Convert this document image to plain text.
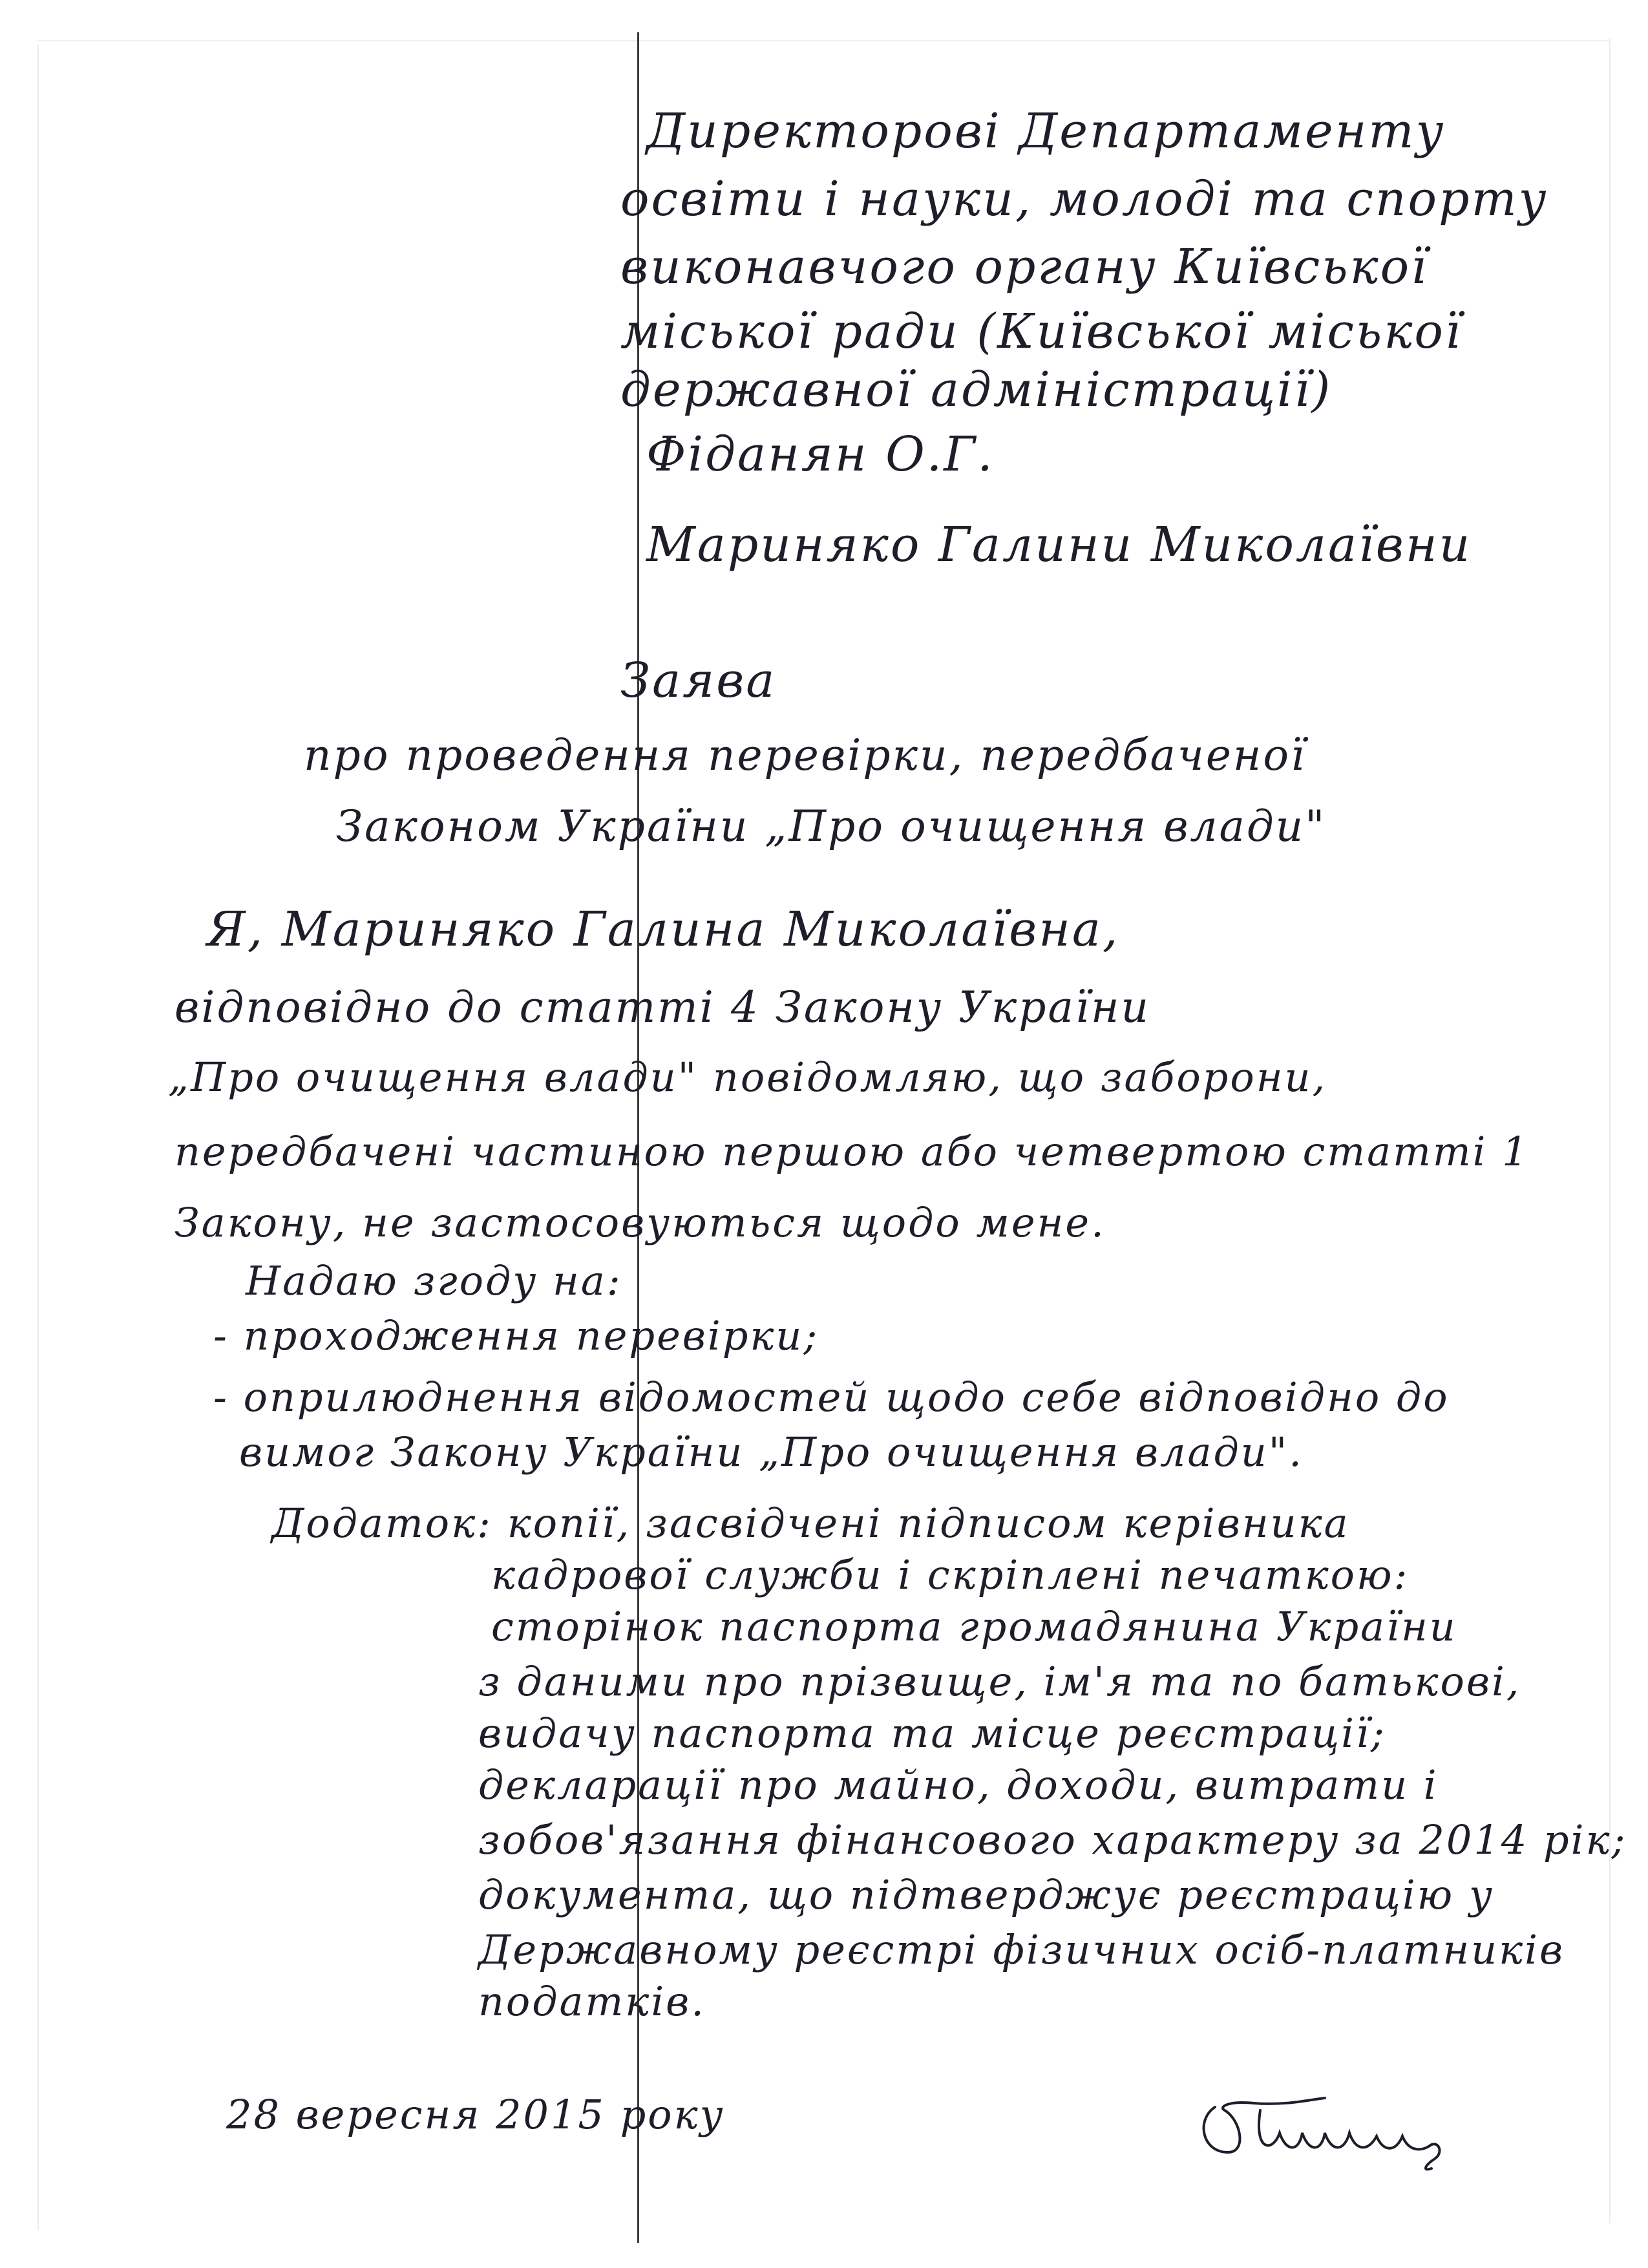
Директорові Департаменту
освіти і науки, молоді та спорту
виконавчого органу Київської
міської ради (Київської міської
державної адміністрації)
Фіданян О.Г.
Маринякo Галини Миколаївни
Заява
про проведення перевірки, передбаченої
Законом України „Про очищення влади"
Я, Маринякo Галина Миколаївна,
відповідно до статті 4 Закону України
„Про очищення влади" повідомляю, що заборони,
передбачені частиною першою або четвертою статті 1
Закону, не застосовуються щодо мене.
Надаю згоду на:
- проходження перевірки;
- оприлюднення відомостей щодо себе відповідно до
вимог Закону України „Про очищення влади".
Додаток: копії, засвідчені підписом керівника
кадрової служби і скріплені печаткою:
сторінок паспорта громадянина України
з даними про прізвище, ім'я та по батькові,
видачу паспорта та місце реєстрації;
декларації про майно, доходи, витрати і
зобов'язання фінансового характеру за 2014 рік;
документа, що підтверджує реєстрацію у
Державному реєстрі фізичних осіб-платників
податків.
28 вересня 2015 року
